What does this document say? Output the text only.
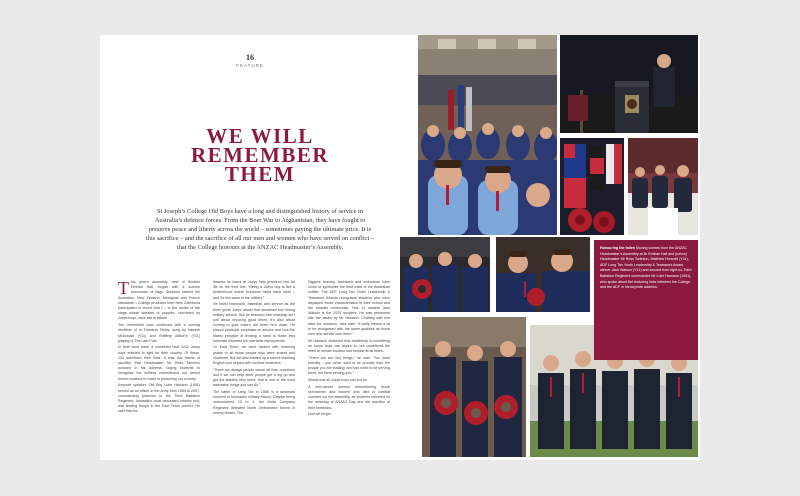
16
FEATURE
WE WILL
REMEMBER
THEM
St Joseph’s College Old Boys have a long and distinguished history of service in Australia’s defence forces. From the Boer War to Afghanistan, they have fought to preserve peace and liberty across the world – sometimes paying the ultimate price. It is this sacrifice – and the sacrifice of all our men and women who have served on conflict – that the College honours at the ANZAC Headmaster’s Assembly.

This year’s assembly, held in Brother Emilian Hall, began with a solemn procession of flags. Students carried the Australian, New Zealand, Aboriginal and French standards – College produces from New Caledonia participated in World War I – to the centre of the stage where wreaths of poppies, crocheted by Joeys boys, were laid in tribute.

The reverential tone continued with a moving rendition of In Flanders Fields, sung by Hamish McDonald (Y11) and Rafferty Allison’s (Y11) playing of The Last Post.

In both word wars, a combined total 1242 Joeys boys enlisted to fight for their country. Of these, 124 sacrificed their lives. It was this theme of sacrifice that Headmaster Mr Ross Tarlinton pursued in his address, urging students to recognise the selfless commitment our armed forces continue to make in protecting our country.

Keynote speaker, Old Boy Luke Hamann (1981) served as an officer in the army from 1984 to 2007, commanding platoons in the Third Battalion Regiment, Australia’s most decorated infantry unit, and leading troops in the East Timor conflict. He said that the

lessons he learnt at Joeys help prepared him for life on the front line. “Being a Joeys boy is like a brotherhood where everyone helps each other – and it’s the same in the military.”

He listed teamwork, mateship and service as the three great Joeys values that sustained him during military service. But he stressed that mateship isn’t just about enjoying good times, it’s also about coming to your mate’s aid when he’s down. He placed particular emphasis on service and how the Marist principle of lending a hand to those less fortunate informed his overseas deployments.

“In East Timor, we were tasked with restoring peace to all those people who were scared and shattered. But we also started up a school teaching English and helped with medical treatment.

“There are always people worse off than ourselves and if we can help other people get a leg up and get the stability they need, that is one of the most admirable things you can do.”

The battle of Long Tan in 1966 is a landmark moment in Australia’s military history. Despite being outnumbered 10 to 1, the Delta Company Regiment defeated North Vietnamese forces in enemy terrain. The

Diggers’ bravery, teamwork and endurance have come to symbolise the best traits of the Australian soldier. The ADF Long Tan Youth Leadership & Teamwork Awards recognises students who have displayed those characteristics in their school and the broader community. Year 11 student Jack Watson is the 2020 recipient. He was presented with the award by Mr Hamann. Chatting with him after the occasion, Jack said: “It really means a lot to be recognised with the same qualities as those men who served over there.”

Mr Hamann observed that leadership is something all Joeys boys can aspire to, but underlined the need to remain modest and humble at all times.

“There are two key things,” he said. “You need humility – you never want to be prouder than the people you are leading; and you need to be serving them, not them serving you.”

Words that all Joeys boys can live by.

A one-minute silence remembering those servicemen and women who died in combat rounded out the assembly, as students reflected on the meaning of ANZAC Day and the sacrifice of their forebears.

Lest we forget.

Honouring the fallen Moving scenes from the ANZAC Headmaster’s Assembly at Br Emilian Hall and (below) Headmaster Mr Ross Tarlinton, Matthew Horsnell (Y11), ADF Long Tan Youth Leadership & Teamwork Award winner Jack Watson (Y11) and second from right ex-Third Battalion Regiment commander Mr Luke Hamann (1981), who spoke about the enduring links between the College and the ADF in his keynote address.
